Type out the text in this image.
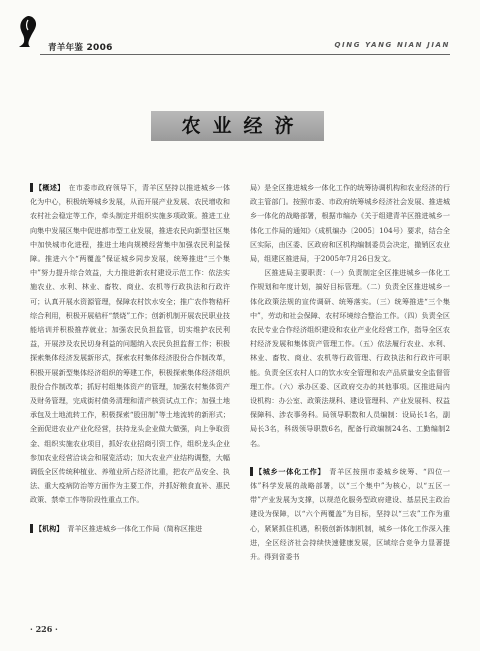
青羊年鉴 2006	QING YANG NIAN JIAN
农业经济

【概述】 在市委市政府领导下，青羊区坚持以推进城乡一体化为中心，积极统筹城乡发展，从而开展产业发展、农民增收和农村社会稳定等工作，牵头制定并组织实施多项政策。推进工业向集中发展区集中促进都市型工业发展，推进农民向新型社区集中加快城市化进程，推进土地向规模经营集中加强农民利益保障。推进六个“两覆盖”保证城乡同步发展，统筹推进“三个集中”努力提升综合效益，大力推进新农村建设示范工作：依法实施农业、水利、林业、畜牧、商业、农机等行政执法和行政许可；认真开展水资源管理，保障农村饮水安全；推广农作物秸秆综合利用，积极开展秸秆“禁烧”工作；创新机制开展农民职业技能培训并积极推荐就业；加强农民负担监管，切实维护农民利益，开展涉及农民切身利益的问题纳入农民负担监督工作；积极探索集体经济发展新形式，探索农村集体经济股份合作制改革，积极开展新型集体经济组织的筹建工作，积极探索集体经济组织股份合作制改革；抓好村组集体资产的管理，加强农村集体资产及财务管理，完成街村债务清理和清产核资试点工作；加强土地承包及土地流转工作，积极探索“股田制”等土地流转的新形式；全面促进农业产业化经营，扶持龙头企业做大做强，向上争取资金、组织实施农业项目，抓好农业招商引资工作，组织龙头企业参加农业经营洽谈会和展览活动；加大农业产业结构调整，大幅调低全区传统种植业、养殖业所占经济比重，把农产品安全、执法、重大疫病防治等方面作为主要工作，并抓好粮食直补、惠民政策、禁牵工作等阶段性重点工作。

【机构】 青羊区推进城乡一体化工作局（简称区推进

局）是全区推进城乡一体化工作的统筹协调机构和农业经济的行政主管部门。按照市委、市政府统筹城乡经济社会发展、推进城乡一体化的战略部署，根据市编办《关于组建青羊区推进城乡一体化工作局的通知》（成机编办〔2005〕104号）要求，结合全区实际，由区委、区政府和区机构编制委员会决定，撤销区农业局，组建区推进局，于2005年7月26日发文。

区推进局主要职责：（一）负责制定全区推进城乡一体化工作规划和年度计划，搞好目标管理。（二）负责全区推进城乡一体化政策法规的宣传调研、统筹落实。（三）统筹推进“三个集中”，劳动和社会保障、农村环境综合整治工作。（四）负责全区农民专业合作经济组织建设和农业产业化经营工作，指导全区农村经济发展和集体资产管理工作。（五）依法履行农业、水利、林业、畜牧、商业、农机等行政管理、行政执法和行政许可职能。负责全区农村人口的饮水安全管理和农产品质量安全监督管理工作。（六）承办区委、区政府交办的其他事项。区推进局内设机构：办公室、政策法规科、建设管理科、产业发展科、权益保障科、涉农事务科。局领导职数和人员编制：设局长1名，副局长3名，科级领导职数6名，配备行政编制24名、工勤编制2名。

【城乡一体化工作】 青羊区按照市委城乡统筹、“四位一体”科学发展的战略部署，以“三个集中”为核心，以“五区一带”产业发展为支撑，以规范化服务型政府建设、基层民主政治建设为保障，以“六个两覆盖”为目标，坚持以“三农”工作为重心，紧紧抓住机遇，积极创新体制机制，城乡一体化工作深入推进，全区经济社会持续快速健康发展，区域综合竞争力显著提升。得到省委书

· 226 ·
